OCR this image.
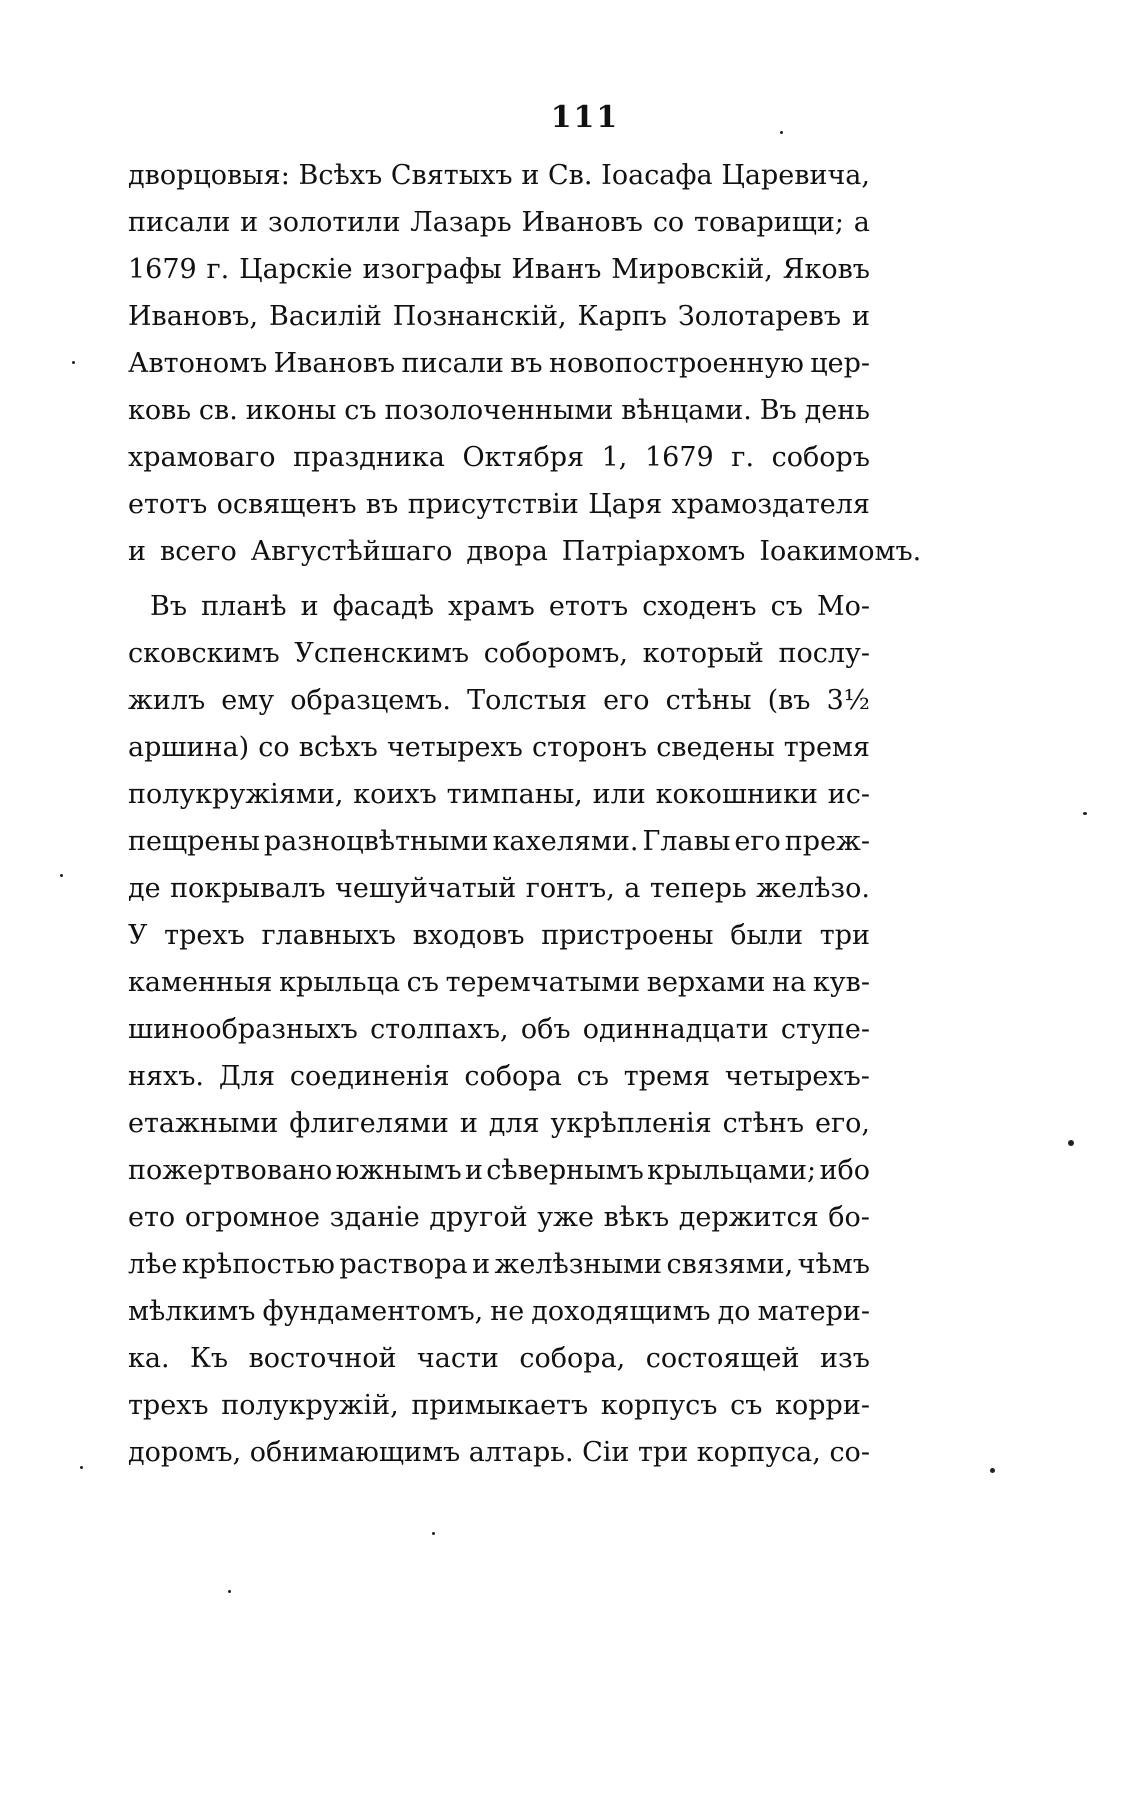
111
дворцовыя: Всѣхъ Святыхъ и Св. Іоасафа Царевича,
писали и золотили Лазарь Ивановъ со товарищи; а
1679 г. Царскіе изографы Иванъ Мировскій, Яковъ
Ивановъ, Василій Познанскій, Карпъ Золотаревъ и
Автономъ Ивановъ писали въ новопостроенную цер-
ковь св. иконы съ позолоченными вѣнцами. Въ день
храмоваго праздника Октября 1, 1679 г. соборъ
етотъ освященъ въ присутствіи Царя храмоздателя
и всего Августѣйшаго двора Патріархомъ Іоакимомъ.
Въ планѣ и фасадѣ храмъ етотъ сходенъ съ Мо-
сковскимъ Успенскимъ соборомъ, который послу-
жилъ ему образцемъ. Толстыя его стѣны (въ 3½
аршина) со всѣхъ четырехъ сторонъ сведены тремя
полукружіями, коихъ тимпаны, или кокошники ис-
пещрены разноцвѣтными кахелями. Главы его преж-
де покрывалъ чешуйчатый гонтъ, а теперь желѣзо.
У трехъ главныхъ входовъ пристроены были три
каменныя крыльца съ теремчатыми верхами на кув-
шинообразныхъ столпахъ, объ одиннадцати ступе-
няхъ. Для соединенія собора съ тремя четырехъ-
етажными флигелями и для укрѣпленія стѣнъ его,
пожертвовано южнымъ и сѣвернымъ крыльцами; ибо
ето огромное зданіе другой уже вѣкъ держится бо-
лѣе крѣпостью раствора и желѣзными связями, чѣмъ
мѣлкимъ фундаментомъ, не доходящимъ до матери-
ка. Къ восточной части собора, состоящей изъ
трехъ полукружій, примыкаетъ корпусъ съ корри-
доромъ, обнимающимъ алтарь. Сіи три корпуса, со-
